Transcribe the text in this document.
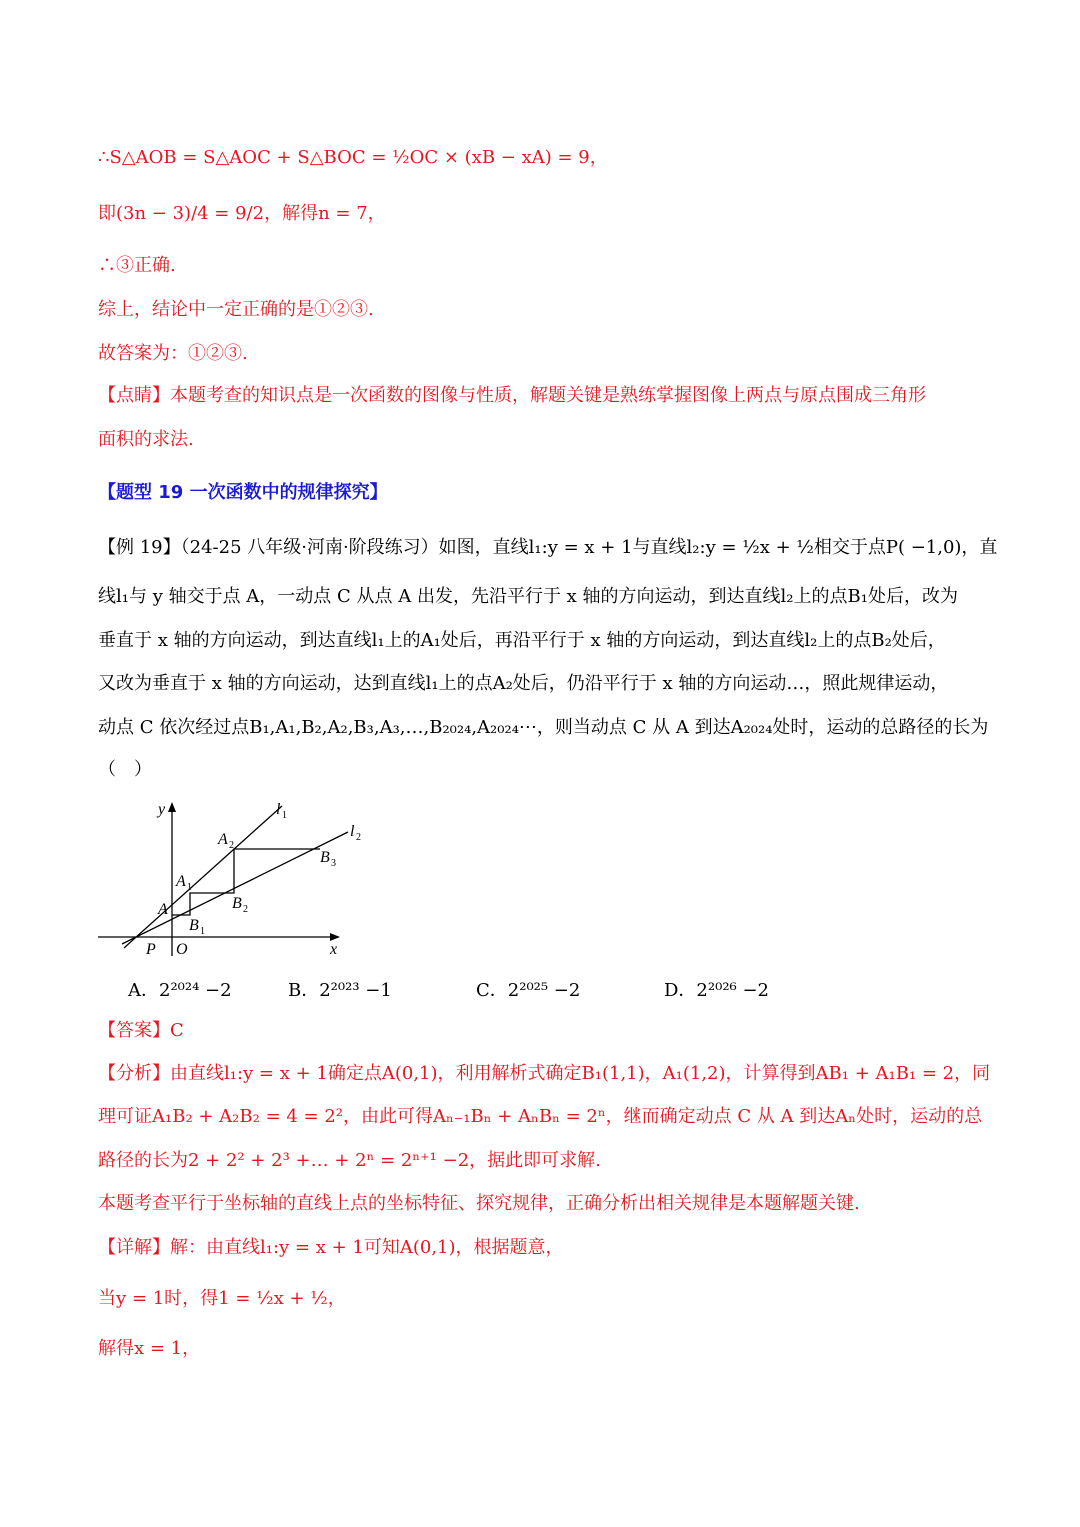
∴S△AOB = S△AOC + S△BOC = ½OC × (xB − xA) = 9，
即(3n − 3)/4 = 9/2，解得n = 7，
∴③正确.
综上，结论中一定正确的是①②③.
故答案为：①②③.
【点睛】本题考查的知识点是一次函数的图像与性质，解题关键是熟练掌握图像上两点与原点围成三角形
面积的求法.
【题型 19 一次函数中的规律探究】
【例 19】（24-25 八年级·河南·阶段练习）如图，直线l₁:y = x + 1与直线l₂:y = ½x + ½相交于点P( −1,0)，直
线l₁与 y 轴交于点 A，一动点 C 从点 A 出发，先沿平行于 x 轴的方向运动，到达直线l₂上的点B₁处后，改为
垂直于 x 轴的方向运动，到达直线l₁上的A₁处后，再沿平行于 x 轴的方向运动，到达直线l₂上的点B₂处后，
又改为垂直于 x 轴的方向运动，达到直线l₁上的点A₂处后，仍沿平行于 x 轴的方向运动…，照此规律运动，
动点 C 依次经过点B₁,A₁,B₂,A₂,B₃,A₃,…,B₂₀₂₄,A₂₀₂₄⋯，则当动点 C 从 A 到达A₂₀₂₄处时，运动的总路径的长为
（　）
y
x
l 1
l 2
A 2
B 3
A 1
B 2
A
B 1
P O
A．2²⁰²⁴ −2	B．2²⁰²³ −1	C．2²⁰²⁵ −2	D．2²⁰²⁶ −2
【答案】C
【分析】由直线l₁:y = x + 1确定点A(0,1)，利用解析式确定B₁(1,1)，A₁(1,2)，计算得到AB₁ + A₁B₁ = 2，同
理可证A₁B₂ + A₂B₂ = 4 = 2²，由此可得Aₙ₋₁Bₙ + AₙBₙ = 2ⁿ，继而确定动点 C 从 A 到达Aₙ处时，运动的总
路径的长为2 + 2² + 2³ +… + 2ⁿ = 2ⁿ⁺¹ −2，据此即可求解.
本题考查平行于坐标轴的直线上点的坐标特征、探究规律，正确分析出相关规律是本题解题关键.
【详解】解：由直线l₁:y = x + 1可知A(0,1)，根据题意，
当y = 1时，得1 = ½x + ½，
解得x = 1，
